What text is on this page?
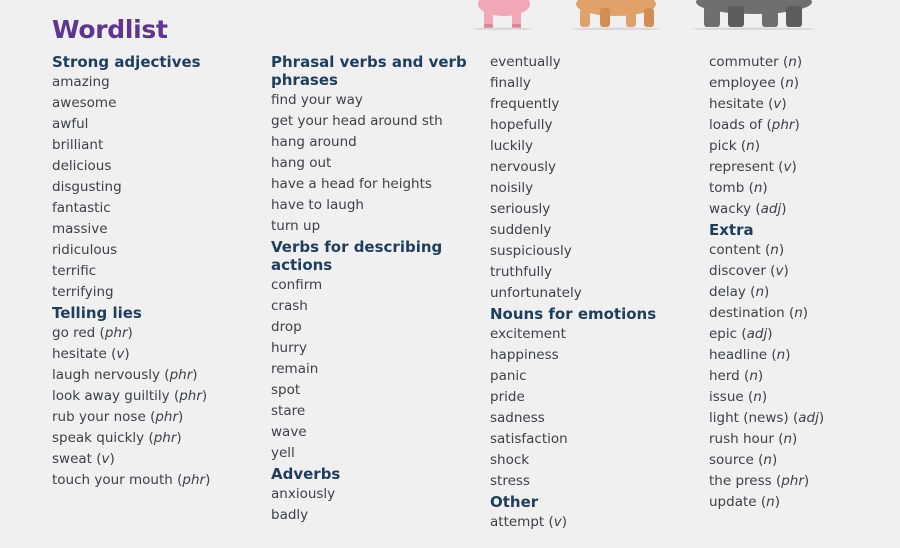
Wordlist
Strong adjectives
amazing
awesome
awful
brilliant
delicious
disgusting
fantastic
massive
ridiculous
terrific
terrifying
Telling lies
go red (phr)
hesitate (v)
laugh nervously (phr)
look away guiltily (phr)
rub your nose (phr)
speak quickly (phr)
sweat (v)
touch your mouth (phr)
Phrasal verbs and verb
phrases
find your way
get your head around sth
hang around
hang out
have a head for heights
have to laugh
turn up
Verbs for describing
actions
confirm
crash
drop
hurry
remain
spot
stare
wave
yell
Adverbs
anxiously
badly
eventually
finally
frequently
hopefully
luckily
nervously
noisily
seriously
suddenly
suspiciously
truthfully
unfortunately
Nouns for emotions
excitement
happiness
panic
pride
sadness
satisfaction
shock
stress
Other
attempt (v)
commuter (n)
employee (n)
hesitate (v)
loads of (phr)
pick (n)
represent (v)
tomb (n)
wacky (adj)
Extra
content (n)
discover (v)
delay (n)
destination (n)
epic (adj)
headline (n)
herd (n)
issue (n)
light (news) (adj)
rush hour (n)
source (n)
the press (phr)
update (n)
